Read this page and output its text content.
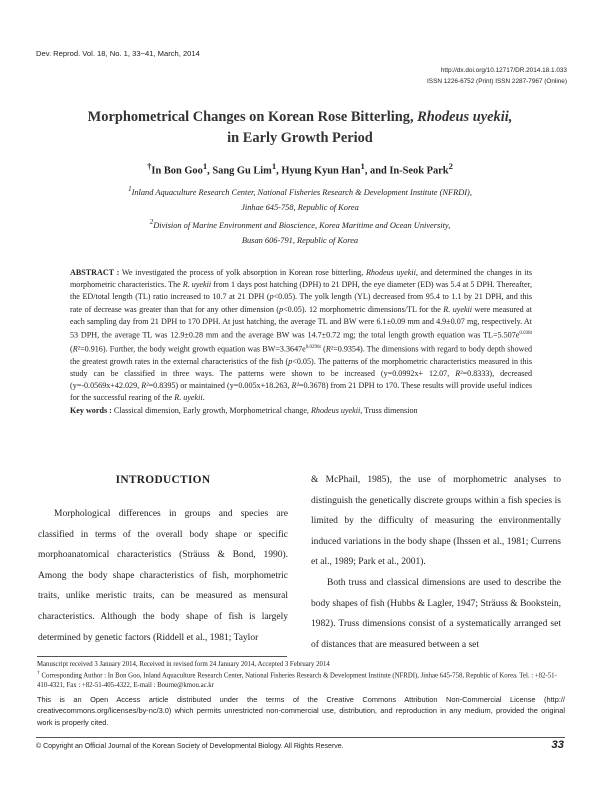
Dev. Reprod. Vol. 18, No. 1, 33~41, March, 2014
http://dx.doi.org/10.12717/DR.2014.18.1.033
ISSN 1226-6752 (Print) ISSN 2287-7967 (Online)
Morphometrical Changes on Korean Rose Bitterling, Rhodeus uyekii,
in Early Growth Period
†In Bon Goo$^1$, Sang Gu Lim$^1$, Hyung Kyun Han$^1$, and In-Seok Park$^2$
$^1$Inland Aquaculture Research Center, National Fisheries Research & Development Institute (NFRDI),
Jinhae 645-758, Republic of Korea
$^2$Division of Marine Environment and Bioscience, Korea Maritime and Ocean University,
Busan 606-791, Republic of Korea
ABSTRACT : We investigated the process of yolk absorption in Korean rose bitterling, Rhodeus uyekii, and determined the changes in its morphometric characteristics. The R. uyekii from 1 days post hatching (DPH) to 21 DPH, the eye diameter (ED) was 5.4 at 5 DPH. Thereafter, the ED/total length (TL) ratio increased to 10.7 at 21 DPH (p<0.05). The yolk length (YL) decreased from 95.4 to 1.1 by 21 DPH, and this rate of decrease was greater than that for any other dimension (p<0.05). 12 morphometric dimensions/TL for the R. uyekii were measured at each sampling day from 21 DPH to 170 DPH. At just hatching, the average TL and BW were 6.1±0.09 mm and 4.9±0.07 mg, respectively. At 53 DPH, the average TL was 12.9±0.28 mm and the average BW was 14.7±0.72 mg; the total length growth equation was $TL=5.507e^{0.038t}$ (R²=0.916). Further, the body weight growth equation was $BW=3.3647e^{0.0296t}$ (R²=0.9354). The dimensions with regard to body depth showed the greatest growth rates in the external characteristics of the fish (p<0.05). The patterns of the morphometric characteristics measured in this study can be classified in three ways. The patterns were shown to be increased (y=0.0992x+ 12.07, R²=0.8333), decreased (y=-0.0569x+42.029, R²=0.8395) or maintained (y=0.005x+18.263, R²=0.3678) from 21 DPH to 170. These results will provide useful indices for the successful rearing of the R. uyekii.
Key words : Classical dimension, Early growth, Morphometrical change, Rhodeus uyekii, Truss dimension
INTRODUCTION

Morphological differences in groups and species are classified in terms of the overall body shape or specific morphoanatomical characteristics (Sträuss & Bond, 1990). Among the body shape characteristics of fish, morphometric traits, unlike meristic traits, can be measured as mensural characteristics. Although the body shape of fish is largely determined by genetic factors (Riddell et al., 1981; Taylor

& McPhail, 1985), the use of morphometric analyses to distinguish the genetically discrete groups within a fish species is limited by the difficulty of measuring the environmentally induced variations in the body shape (Ihssen et al., 1981; Currens et al., 1989; Park et al., 2001).

Both truss and classical dimensions are used to describe the body shapes of fish (Hubbs & Lagler, 1947; Sträuss & Bookstein, 1982). Truss dimensions consist of a systematically arranged set of distances that are measured between a set

Manuscript received 3 January 2014, Received in revised form 24 January 2014, Accepted 3 February 2014
† Corresponding Author : In Bon Goo, Inland Aquaculture Research Center, National Fisheries Research & Development Institute (NFRDI), Jinhae 645-758, Republic of Korea. Tel. : +82-51-410-4321, Fax : +82-51-405-4322, E-mail : Bourne@kmou.ac.kr
This is an Open Access article distributed under the terms of the Creative Commons Attribution Non-Commercial License (http:// creativecommons.org/licenses/by-nc/3.0) which permits unrestricted non-commercial use, distribution, and reproduction in any medium, provided the original work is properly cited.
© Copyright an Official Journal of the Korean Society of Developmental Biology. All Rights Reserve.	33
